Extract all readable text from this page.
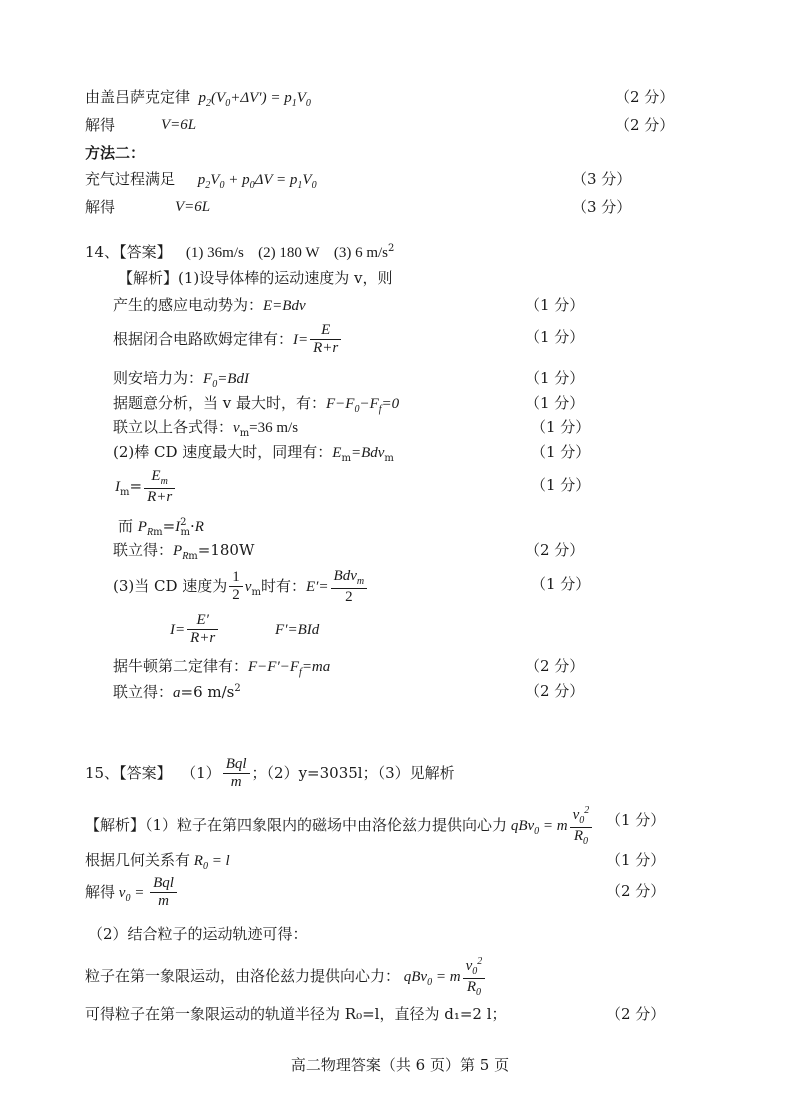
由盖吕萨克定律  $p_2(V_0+\Delta V') = p_1V_0$	（2 分）
解得	V=6L	（2 分）
方法二：
充气过程满足 $p_2V_0 + p_0\Delta V = p_1V_0$	（3 分）
解得	V=6L	（3 分）
14、【答案】 (1) 36m/s (2) 180 W (3) 6 $m/s^2$
【解析】(1)设导体棒的运动速度为 v，则
产生的感应电动势为：E=Bdv	（1 分）
根据闭合电路欧姆定律有：$I= \frac{E}{R+r}$	（1 分）
则安培力为：$F_0=BdI$	（1 分）
据题意分析，当 v 最大时，有：$F-F_0-F_f=0$	（1 分）
联立以上各式得：$v_m=36$ m/s	（1 分）
(2)棒 CD 速度最大时，同理有：$E_m=Bdv_m$	（1 分）
$I_m= \frac{E_m}{R+r}$	（1 分）
而 $P_{Rm}=I^2_m\cdot R$
联立得：$P_{Rm}=180W$	（2 分）
(3)当 CD 速度为 $\frac{1}{2} v_m$时有：$E'= \frac{Bdv_m}{2}$	（1 分）
$I= \frac{E'}{R+r}$	F′=BId
据牛顿第二定律有：$F-F'-F_f=ma$	（2 分）
联立得：a=6 $m/s^2$	（2 分）
15、【答案】 $(1) \frac{\text{Bql}}{m}$ ；（2）y=3035l；（3）见解析
【解析】（1）粒子在第四象限内的磁场中由洛伦兹力提供向心力 qBv$_0$ = m $\frac{v_0^2}{R_0} (1$ 分）
根据几何关系有 $R_0 = l$	（1 分）
解得 $v_0 = \frac{\text{Bql}}{m}$	（2 分）
（2）结合粒子的运动轨迹可得：
粒子在第一象限运动，由洛伦兹力提供向心力： qBv$_0$ = m $\frac{v_0^2}{R_0}$
可得粒子在第一象限运动的轨道半径为 R₀=l，直径为 d₁=2 l；	（2 分）
高二物理答案（共 6 页）第 5 页
